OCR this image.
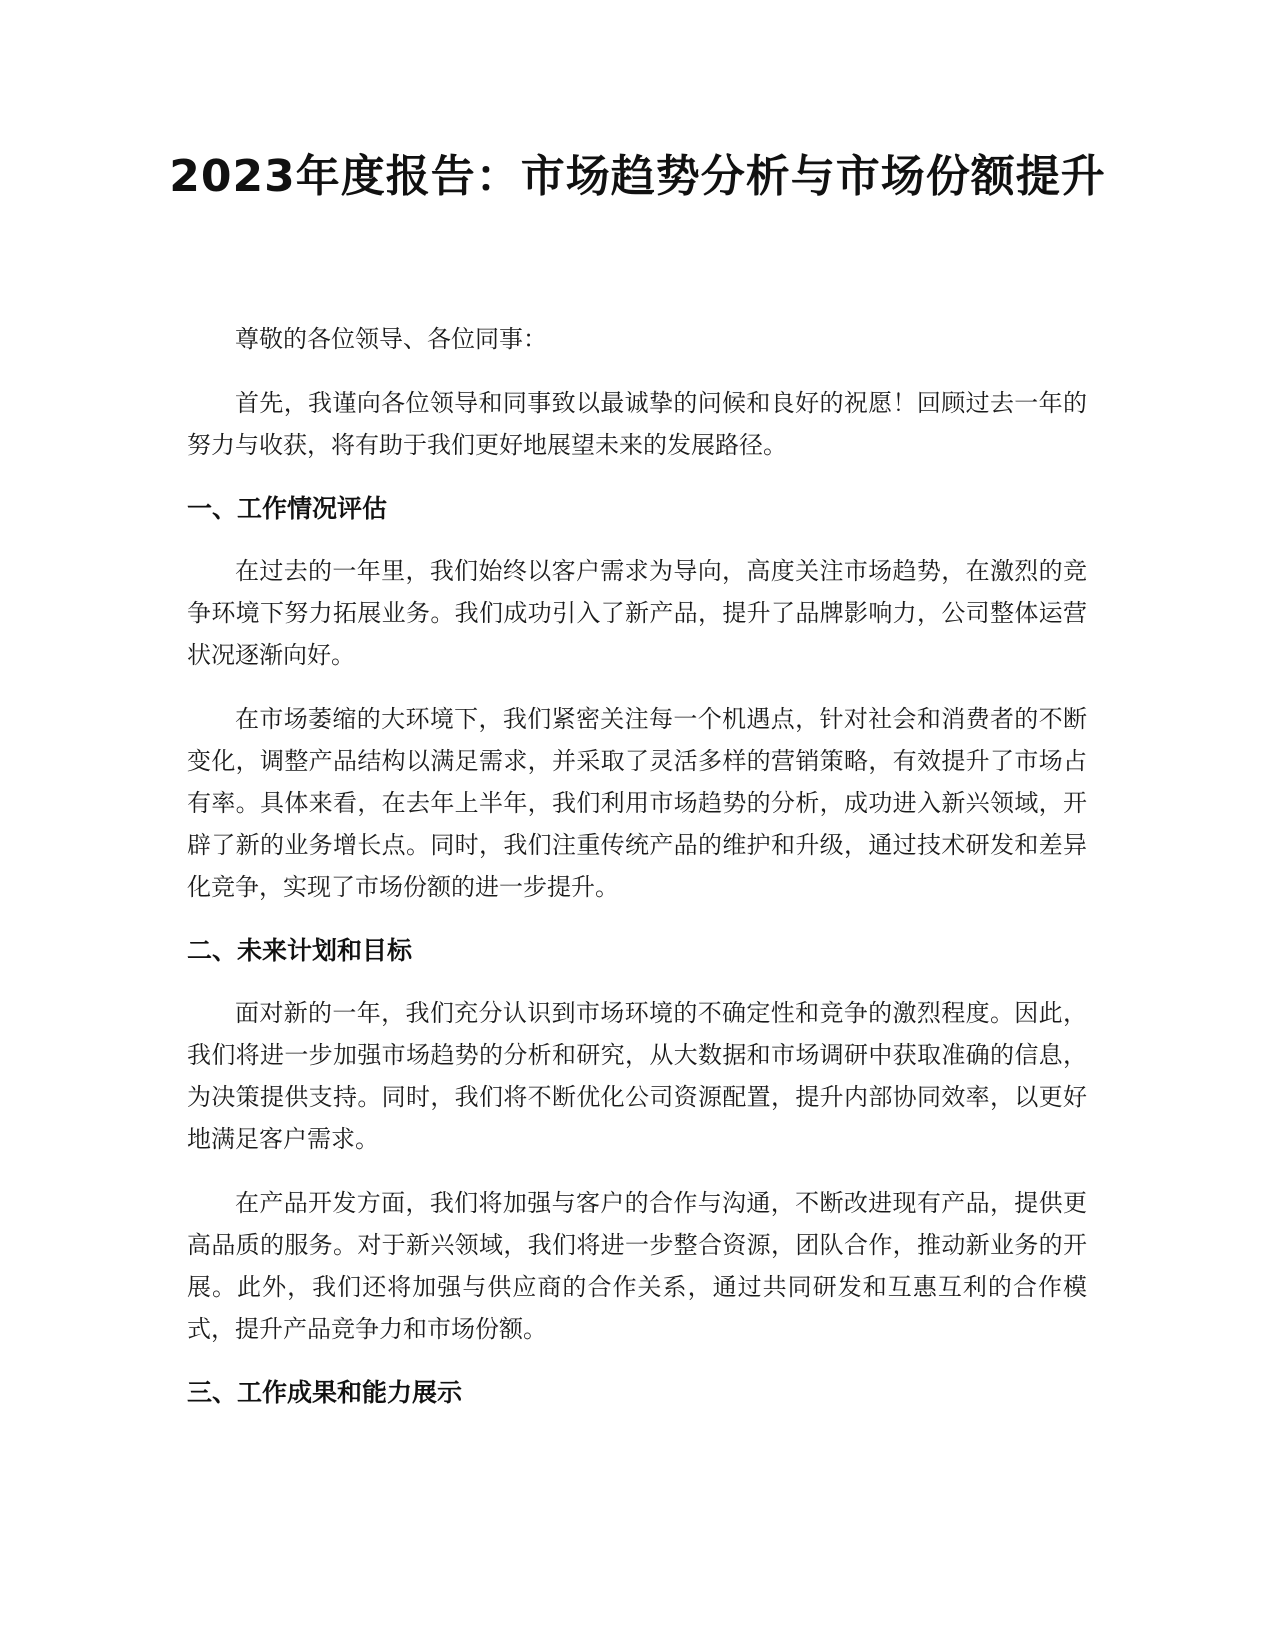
2023年度报告：市场趋势分析与市场份额提升

尊敬的各位领导、各位同事：

首先，我谨向各位领导和同事致以最诚挚的问候和良好的祝愿！回顾过去一年的努力与收获，将有助于我们更好地展望未来的发展路径。

一、工作情况评估

在过去的一年里，我们始终以客户需求为导向，高度关注市场趋势，在激烈的竞争环境下努力拓展业务。我们成功引入了新产品，提升了品牌影响力，公司整体运营状况逐渐向好。

在市场萎缩的大环境下，我们紧密关注每一个机遇点，针对社会和消费者的不断变化，调整产品结构以满足需求，并采取了灵活多样的营销策略，有效提升了市场占有率。具体来看，在去年上半年，我们利用市场趋势的分析，成功进入新兴领域，开辟了新的业务增长点。同时，我们注重传统产品的维护和升级，通过技术研发和差异化竞争，实现了市场份额的进一步提升。

二、未来计划和目标

面对新的一年，我们充分认识到市场环境的不确定性和竞争的激烈程度。因此，我们将进一步加强市场趋势的分析和研究，从大数据和市场调研中获取准确的信息，为决策提供支持。同时，我们将不断优化公司资源配置，提升内部协同效率，以更好地满足客户需求。

在产品开发方面，我们将加强与客户的合作与沟通，不断改进现有产品，提供更高品质的服务。对于新兴领域，我们将进一步整合资源，团队合作，推动新业务的开展。此外，我们还将加强与供应商的合作关系，通过共同研发和互惠互利的合作模式，提升产品竞争力和市场份额。

三、工作成果和能力展示
